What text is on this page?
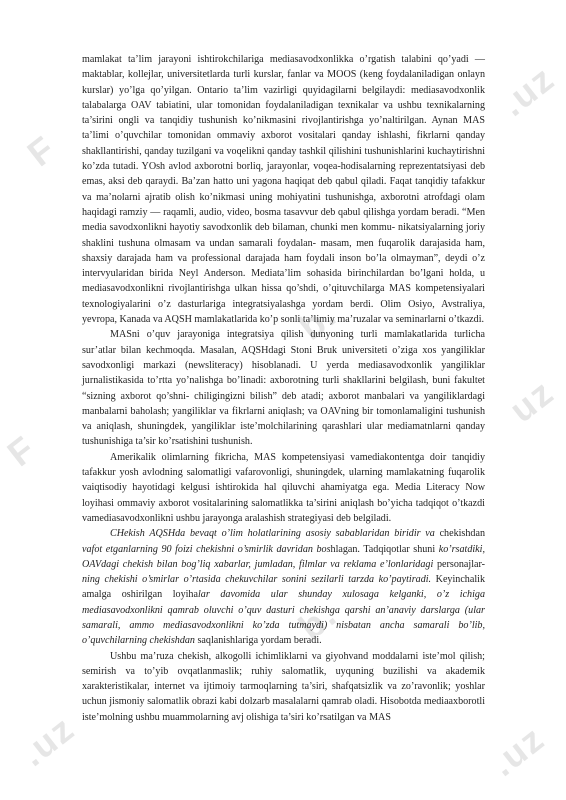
F
.uz
F
uz
b.
.uz
b.
.uz

mamlakat ta’lim jarayoni ishtirokchilariga mediasavodxonlikka o’rgatish talabini qo’yadi — maktablar, kollejlar, universitetlarda turli kurslar, fanlar va MOOS (keng foydalaniladigan onlayn kurslar) yo’lga qo’yilgan. Ontario ta’lim vazirligi quyidagilarni belgilaydi: mediasavodxonlik talabalarga OAV tabiatini, ular tomonidan foydalaniladigan texnikalar va ushbu texnikalarning ta’sirini ongli va tanqidiy tushunish ko’nikmasini rivojlantirishga yo’naltirilgan. Aynan MAS ta’limi o’quvchilar tomonidan ommaviy axborot vositalari qanday ishlashi, fikrlarni qanday shakllantirishi, qanday tuzilgani va voqelikni qanday tashkil qilishini tushunishlarini kuchaytirishni ko’zda tutadi. YOsh avlod axborotni borliq, jarayonlar, voqea-hodisalarning reprezentatsiyasi deb emas, aksi deb qaraydi. Ba’zan hatto uni yagona haqiqat deb qabul qiladi. Faqat tanqidiy tafakkur va ma’nolarni ajratib olish ko’nikmasi uning mohiyatini tushunishga, axborotni atrofdagi olam haqidagi ramziy — raqamli, audio, video, bosma tasavvur deb qabul qilishga yordam beradi. “Men media savodxonlikni hayotiy savodxonlik deb bilaman, chunki men kommu- nikatsiyalarning joriy shaklini tushuna olmasam va undan samarali foydalan- masam, men fuqarolik darajasida ham, shaxsiy darajada ham va professional darajada ham foydali inson bo’la olmayman”, deydi o’z intervyularidan birida Neyl Anderson. Mediata’lim sohasida birinchilardan bo’lgani holda, u mediasavodxonlikni rivojlantirishga ulkan hissa qo’shdi, o’qituvchilarga MAS kompetensiyalari texnologiyalarini o’z dasturlariga integratsiyalashga yordam berdi. Olim Osiyo, Avstraliya, yevropa, Kanada va AQSH mamlakatlarida ko’p sonli ta’limiy ma’ruzalar va seminarlarni o’tkazdi.

MASni o’quv jarayoniga integratsiya qilish dunyoning turli mamlakatlarida turlicha sur’atlar bilan kechmoqda. Masalan, AQSHdagi Stoni Bruk universiteti o’ziga xos yangiliklar savodxonligi markazi (newsliteracy) hisoblanadi. U yerda mediasavodxonlik yangiliklar jurnalistikasida to’rtta yo’nalishga bo’linadi: axborotning turli shakllarini belgilash, buni fakultet “sizning axborot qo’shni- chiligingizni bilish” deb atadi; axborot manbalari va yangiliklardagi manbalarni baholash; yangiliklar va fikrlarni aniqlash; va OAVning bir tomonlamaligini tushunish va aniqlash, shuningdek, yangiliklar iste’molchilarining qarashlari ular mediamatnlarni qanday tushunishiga ta’sir ko’rsatishini tushunish.

Amerikalik olimlarning fikricha, MAS kompetensiyasi vamediakontentga doir tanqidiy tafakkur yosh avlodning salomatligi vafarovonligi, shuningdek, ularning mamlakatning fuqarolik vaiqtisodiy hayotidagi kelgusi ishtirokida hal qiluvchi ahamiyatga ega. Media Literacy Now loyihasi ommaviy axborot vositalarining salomatlikka ta’sirini aniqlash bo’yicha tadqiqot o’tkazdi vamediasavodxonlikni ushbu jarayonga aralashish strategiyasi deb belgiladi.

CHekish AQSHda bevaqt o’lim holatlarining asosiy sabablaridan biridir va chekishdan vafot etganlarning 90 foizi chekishni o’smirlik davridan boshlagan. Tadqiqotlar shuni ko’rsatdiki, OAVdagi chekish bilan bog’liq xabarlar, jumladan, filmlar va reklama e’lonlaridagi personajlar- ning chekishi o’smirlar o’rtasida chekuvchilar sonini sezilarli tarzda ko’paytiradi. Keyinchalik amalga oshirilgan loyihalar davomida ular shunday xulosaga kelganki, o’z ichiga mediasavodxonlikni qamrab oluvchi o’quv dasturi chekishga qarshi an’anaviy darslarga (ular samarali, ammo mediasavodxonlikni ko’zda tutmaydi) nisbatan ancha samarali bo’lib, o’quvchilarning chekishdan saqlanishlariga yordam beradi.

Ushbu ma’ruza chekish, alkogolli ichimliklarni va giyohvand moddalarni iste’mol qilish; semirish va to’yib ovqatlanmaslik; ruhiy salomatlik, uyquning buzilishi va akademik xarakteristikalar, internet va ijtimoiy tarmoqlarning ta’siri, shafqatsizlik va zo’ravonlik; yoshlar uchun jismoniy salomatlik obrazi kabi dolzarb masalalarni qamrab oladi. Hisobotda mediaaxborotli iste’molning ushbu muammolarning avj olishiga ta’siri ko’rsatilgan va MAS
